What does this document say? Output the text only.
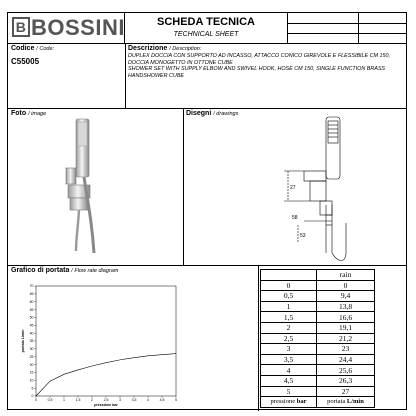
B BOSSINI	SCHEDA TECNICA
TECHNICAL SHEET
Codice / Code:
C55005
Descrizione / Description:
DUPLEX DOCCIA CON SUPPORTO AD INCASSO, ATTACCO CONICO GIREVOLE E FLESSIBILE CM 150, DOCCIA MONOGETTO IN OTTONE CUBE
SHOWER SET WITH SUPPLY ELBOW AND SWIVEL HOOK, HOSE CM 150, SINGLE FUNCTION BRASS HANDSHOWER CUBE
Foto / image	Disegni / drawings
27
58
53
Grafico di portata / Flow rate diagram
0
5
10
15
20
25
30
35
40
45
50
55
60
65
70
0	0,5	1	1,5	2	2,5	3	3,5	4	4,5	5
portata L/min
pressione bar
	rain
0	0
0,5	9,4
1	13,8
1,5	16,6
2	19,1
2,5	21,2
3	23
3,5	24,4
4	25,6
4,5	26,3
5	27
pressione bar	portata L/min
